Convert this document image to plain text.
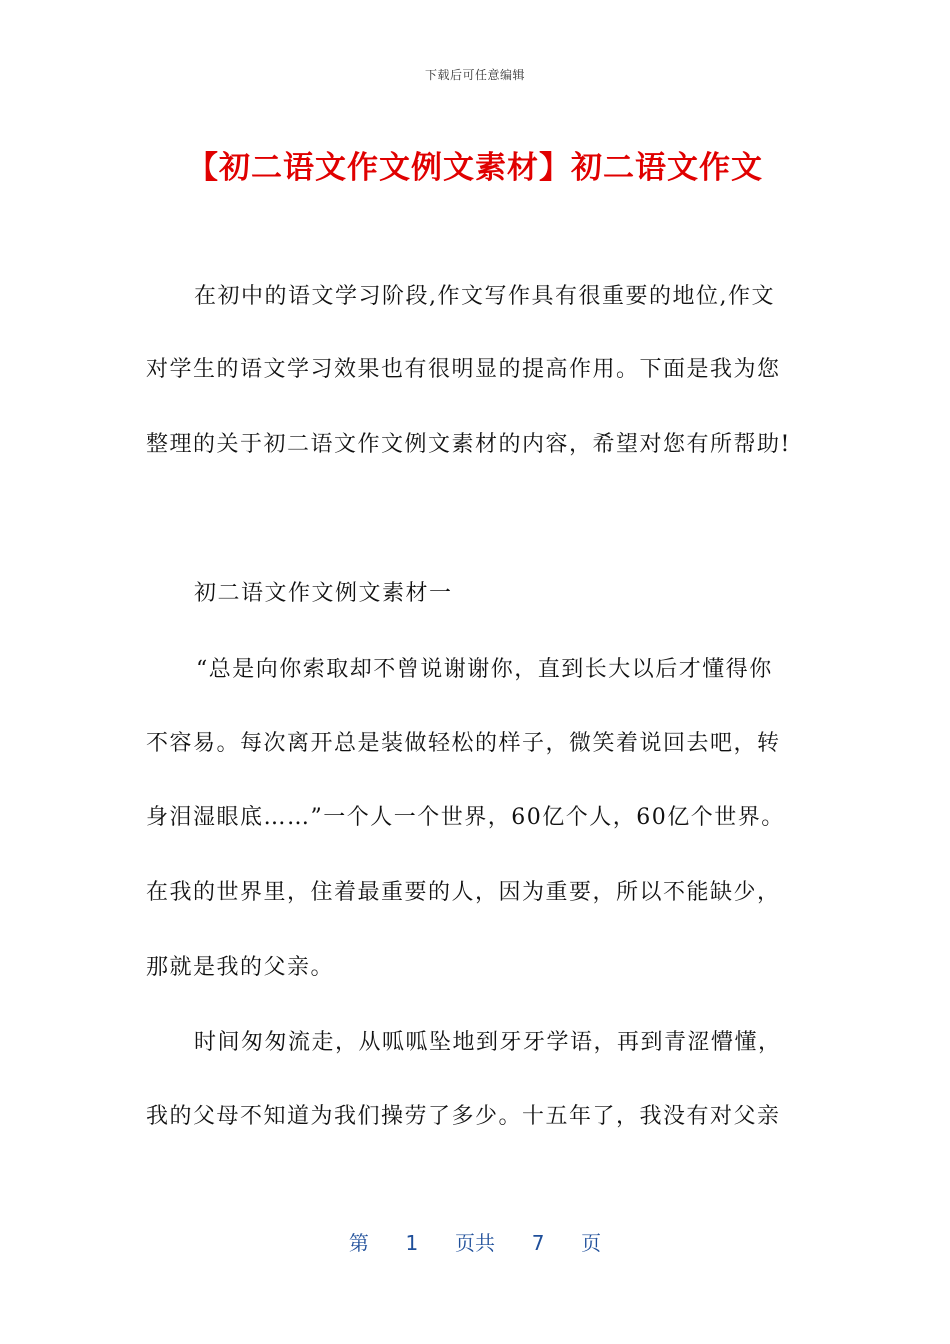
下载后可任意编辑
【初二语文作文例文素材】初二语文作文
在初中的语文学习阶段,作文写作具有很重要的地位,作文
对学生的语文学习效果也有很明显的提高作用。下面是我为您
整理的关于初二语文作文例文素材的内容，希望对您有所帮助!
初二语文作文例文素材一
“总是向你索取却不曾说谢谢你，直到长大以后才懂得你
不容易。每次离开总是装做轻松的样子，微笑着说回去吧，转
身泪湿眼底……”一个人一个世界，60亿个人，60亿个世界。
在我的世界里，住着最重要的人，因为重要，所以不能缺少，
那就是我的父亲。
时间匆匆流走，从呱呱坠地到牙牙学语，再到青涩懵懂，
我的父母不知道为我们操劳了多少。十五年了，我没有对父亲
第 1 页共 7 页
